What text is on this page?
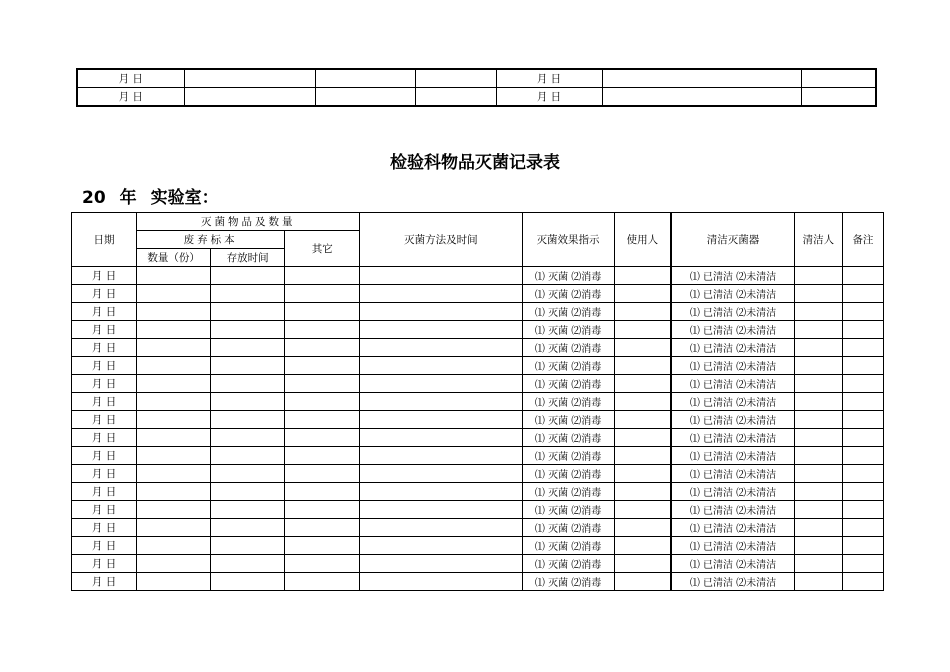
月 日				月 日		
月 日				月 日		
检验科物品灭菌记录表
20 年 实验室：
日期	灭菌物品及数量			灭菌方法及时间	灭菌效果指示	使用人	清洁灭菌器	清洁人	备注
	废弃标本		其它						
	数量（份）	存放时间							
月 日					⑴ 灭菌 ⑵消毒		⑴ 已清洁 ⑵未清洁		
月 日					⑴ 灭菌 ⑵消毒		⑴ 已清洁 ⑵未清洁		
月 日					⑴ 灭菌 ⑵消毒		⑴ 已清洁 ⑵未清洁		
月 日					⑴ 灭菌 ⑵消毒		⑴ 已清洁 ⑵未清洁		
月 日					⑴ 灭菌 ⑵消毒		⑴ 已清洁 ⑵未清洁		
月 日					⑴ 灭菌 ⑵消毒		⑴ 已清洁 ⑵未清洁		
月 日					⑴ 灭菌 ⑵消毒		⑴ 已清洁 ⑵未清洁		
月 日					⑴ 灭菌 ⑵消毒		⑴ 已清洁 ⑵未清洁		
月 日					⑴ 灭菌 ⑵消毒		⑴ 已清洁 ⑵未清洁		
月 日					⑴ 灭菌 ⑵消毒		⑴ 已清洁 ⑵未清洁		
月 日					⑴ 灭菌 ⑵消毒		⑴ 已清洁 ⑵未清洁		
月 日					⑴ 灭菌 ⑵消毒		⑴ 已清洁 ⑵未清洁		
月 日					⑴ 灭菌 ⑵消毒		⑴ 已清洁 ⑵未清洁		
月 日					⑴ 灭菌 ⑵消毒		⑴ 已清洁 ⑵未清洁		
月 日					⑴ 灭菌 ⑵消毒		⑴ 已清洁 ⑵未清洁		
月 日					⑴ 灭菌 ⑵消毒		⑴ 已清洁 ⑵未清洁		
月 日					⑴ 灭菌 ⑵消毒		⑴ 已清洁 ⑵未清洁		
月 日					⑴ 灭菌 ⑵消毒		⑴ 已清洁 ⑵未清洁		
